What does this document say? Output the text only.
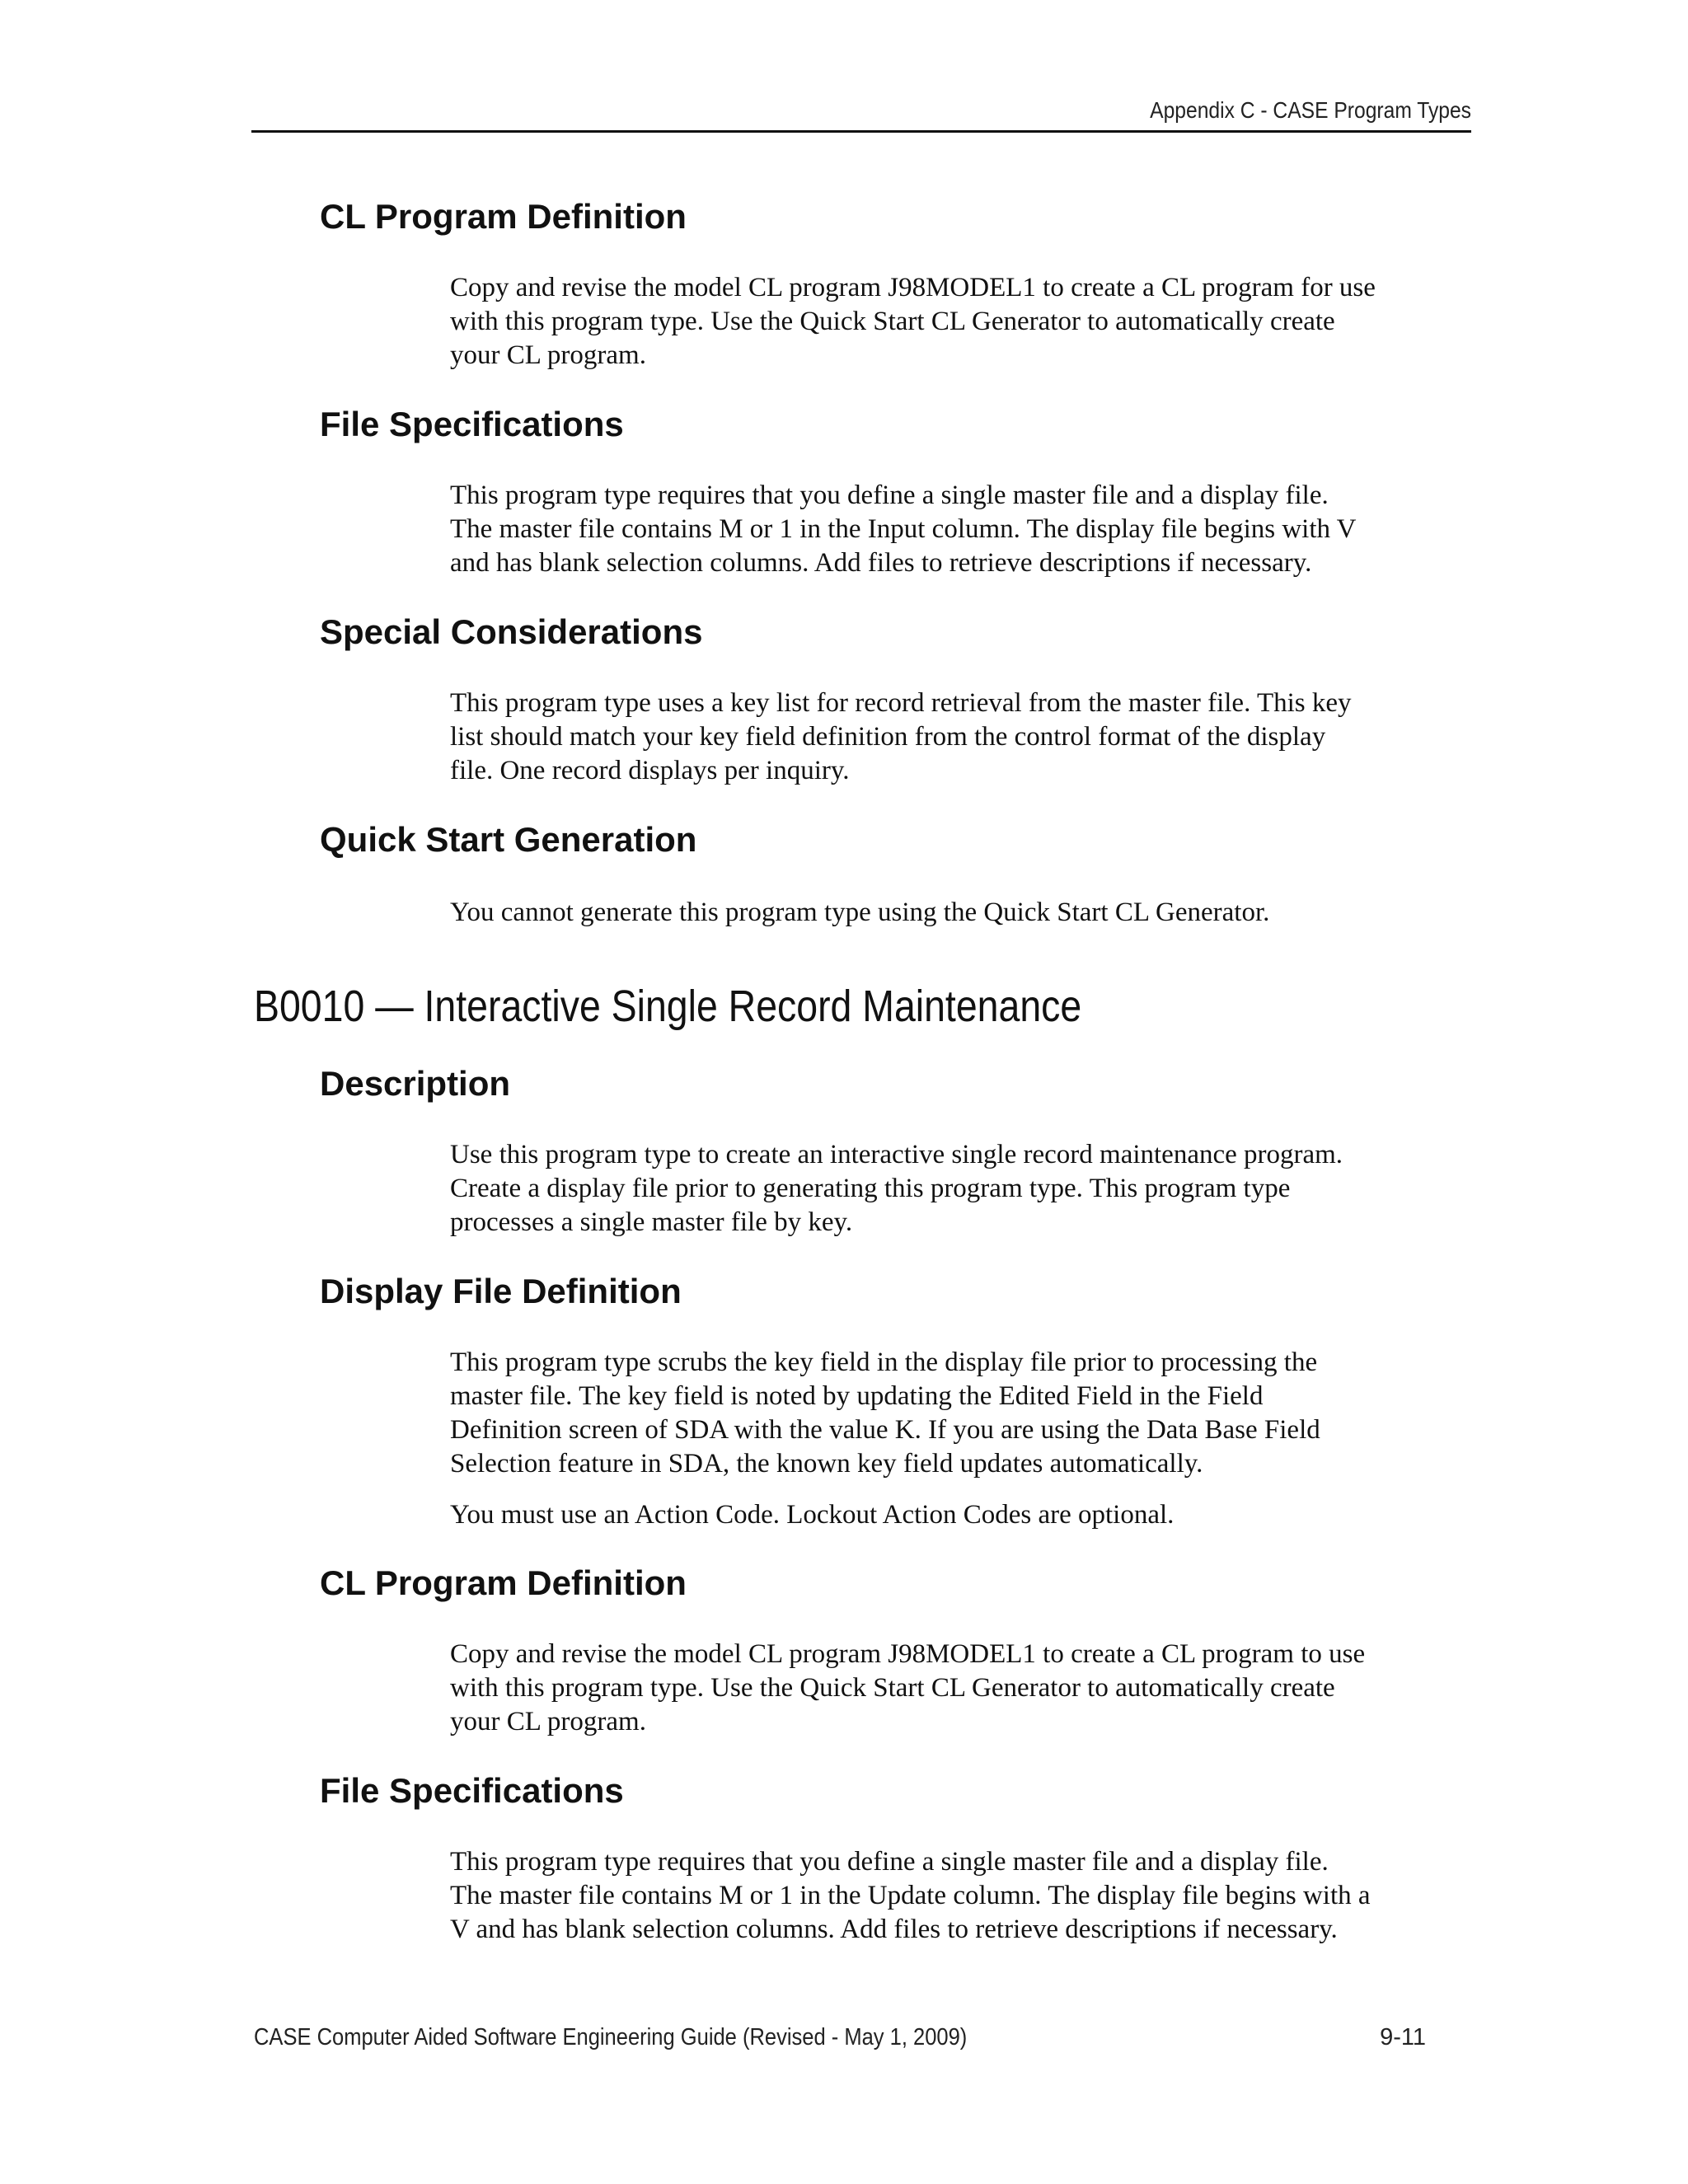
Appendix C - CASE Program Types
CL Program Definition

Copy and revise the model CL program J98MODEL1 to create a CL program for use
with this program type. Use the Quick Start CL Generator to automatically create
your CL program.

File Specifications

This program type requires that you define a single master file and a display file.
The master file contains M or 1 in the Input column. The display file begins with V
and has blank selection columns. Add files to retrieve descriptions if necessary.

Special Considerations

This program type uses a key list for record retrieval from the master file. This key
list should match your key field definition from the control format of the display
file. One record displays per inquiry.

Quick Start Generation

You cannot generate this program type using the Quick Start CL Generator.

B0010 — Interactive Single Record Maintenance
Description

Use this program type to create an interactive single record maintenance program.
Create a display file prior to generating this program type. This program type
processes a single master file by key.

Display File Definition

This program type scrubs the key field in the display file prior to processing the
master file. The key field is noted by updating the Edited Field in the Field
Definition screen of SDA with the value K. If you are using the Data Base Field
Selection feature in SDA, the known key field updates automatically.

You must use an Action Code. Lockout Action Codes are optional.

CL Program Definition

Copy and revise the model CL program J98MODEL1 to create a CL program to use
with this program type. Use the Quick Start CL Generator to automatically create
your CL program.

File Specifications

This program type requires that you define a single master file and a display file.
The master file contains M or 1 in the Update column. The display file begins with a
V and has blank selection columns. Add files to retrieve descriptions if necessary.

CASE Computer Aided Software Engineering Guide (Revised - May 1, 2009)	9-11
